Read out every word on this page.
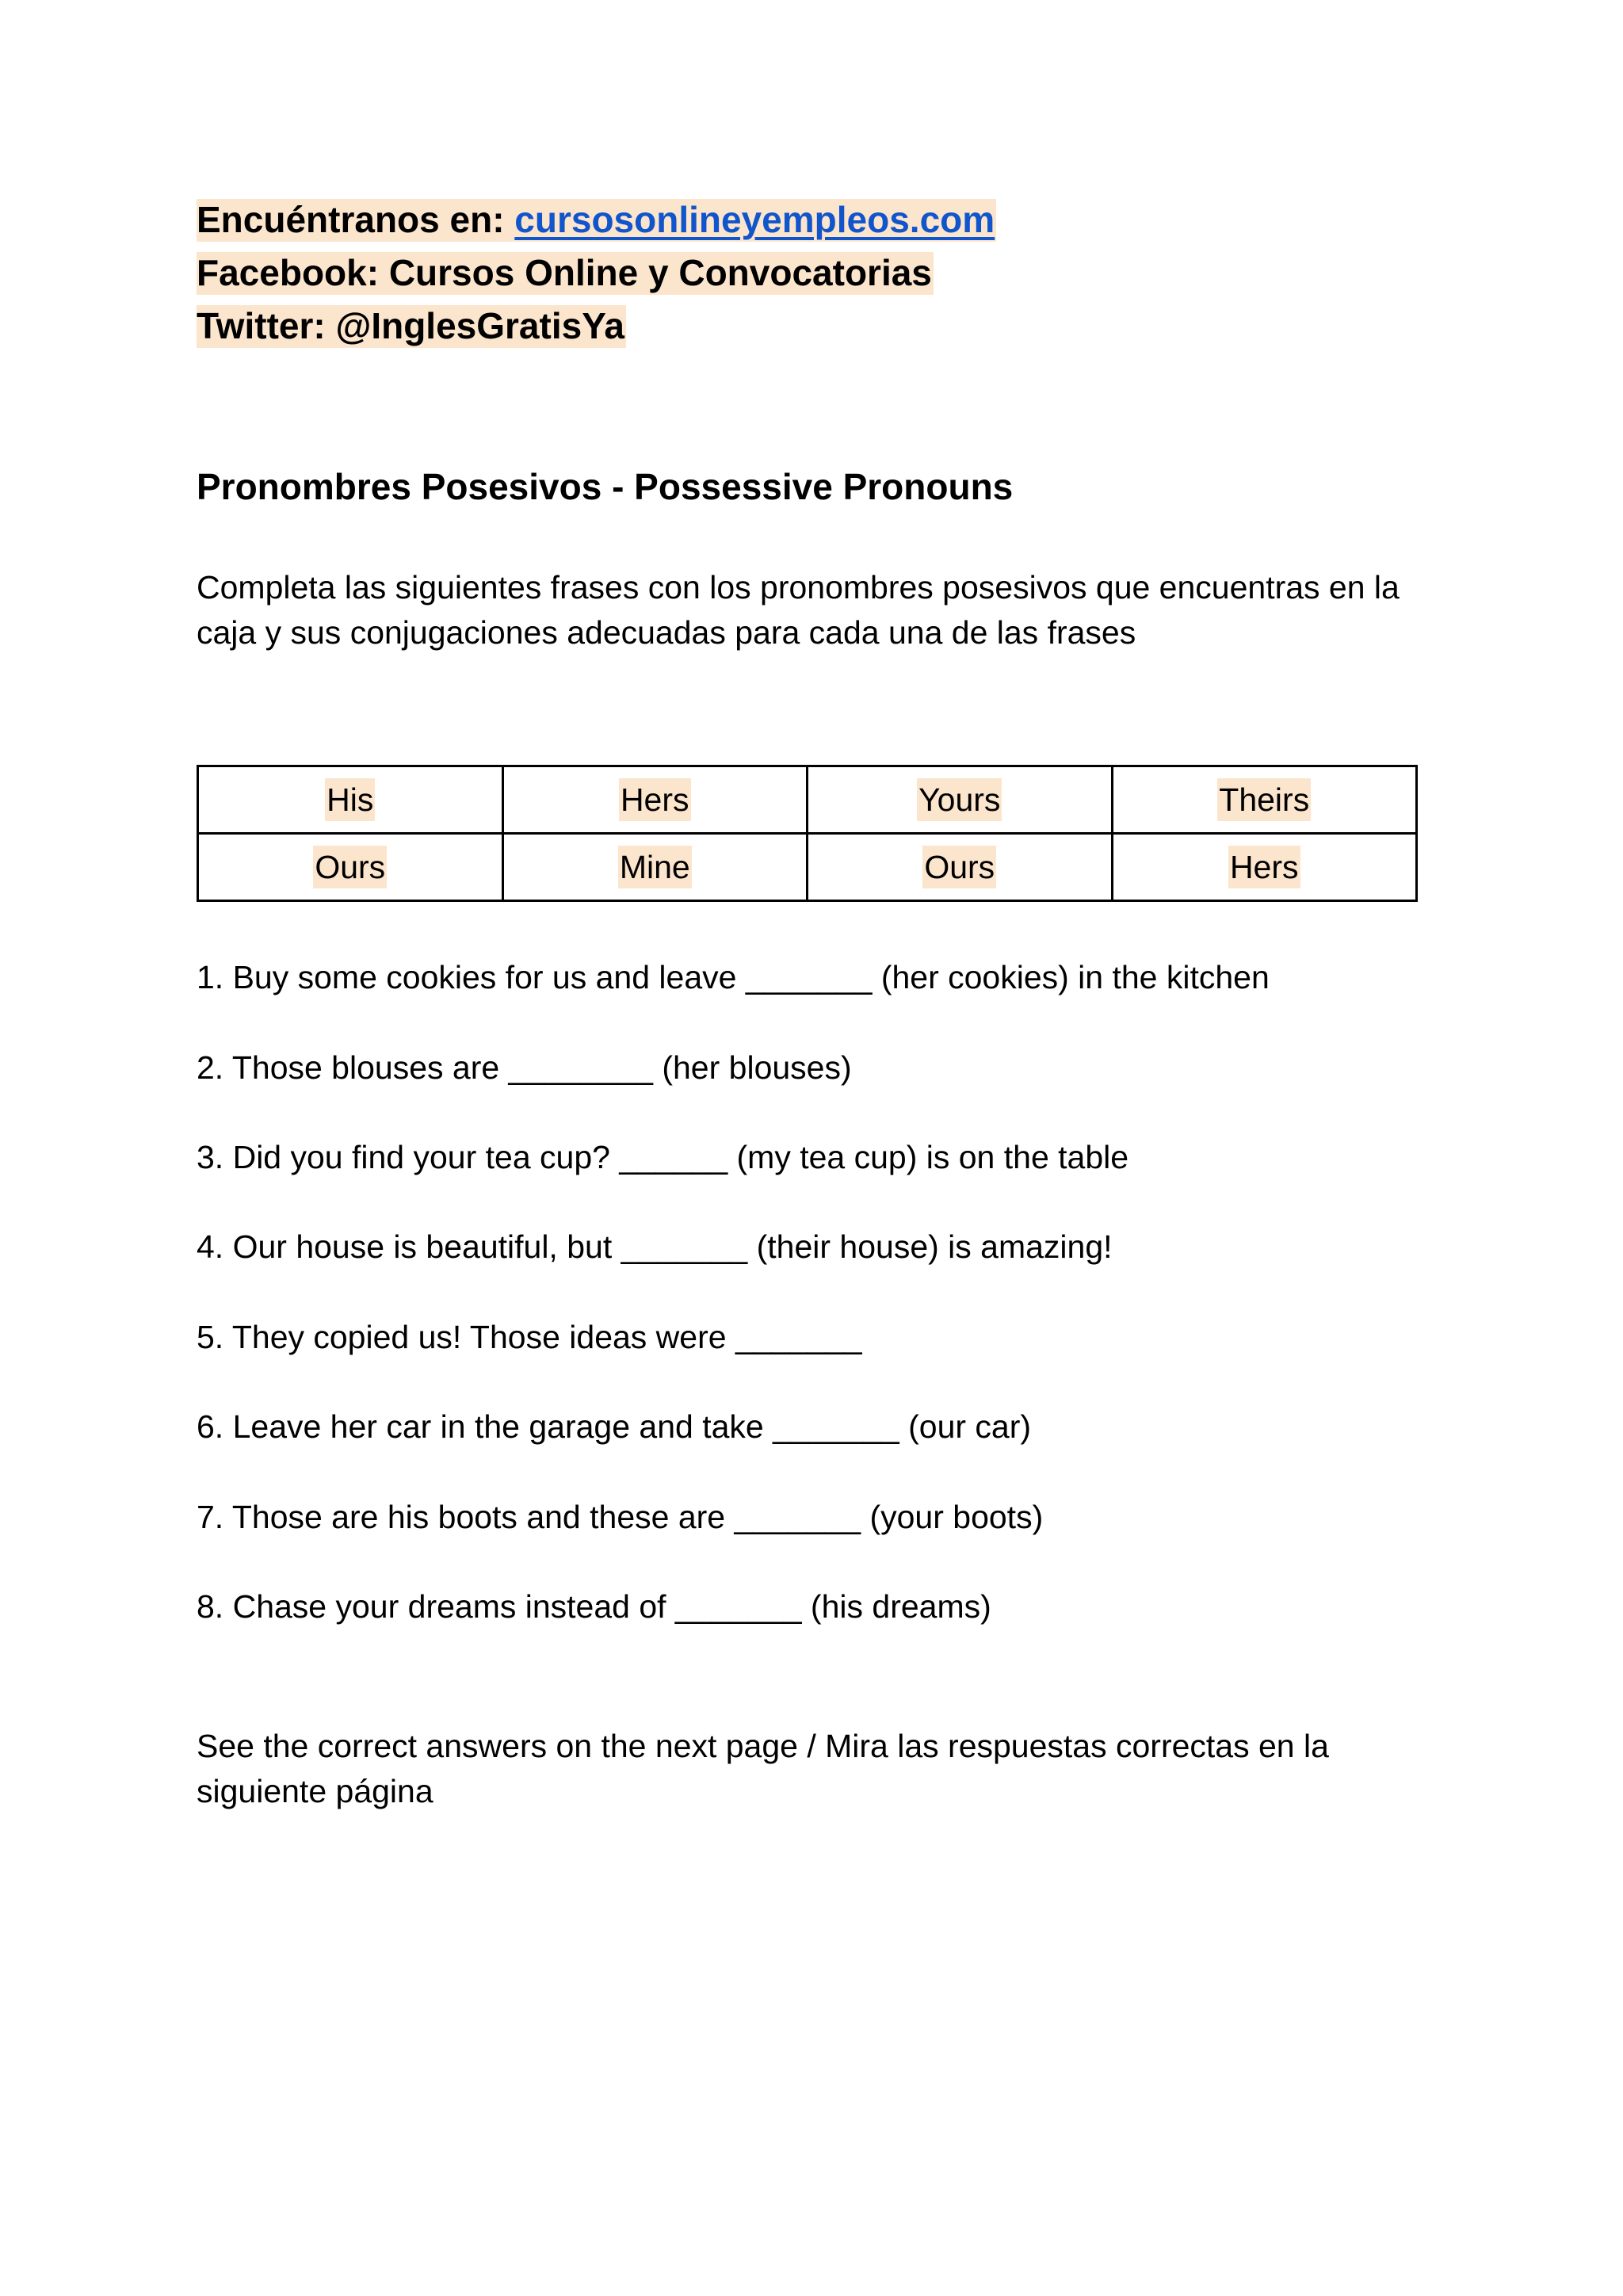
Encuéntranos en: cursosonlineyempleos.com
Facebook: Cursos Online y Convocatorias
Twitter: @InglesGratisYa
Pronombres Posesivos - Possessive Pronouns
Completa las siguientes frases con los pronombres posesivos que encuentras en la caja y sus conjugaciones adecuadas para cada una de las frases
His	Hers	Yours	Theirs
Ours	Mine	Ours	Hers
1. Buy some cookies for us and leave _______ (her cookies) in the kitchen
2. Those blouses are ________ (her blouses)
3. Did you find your tea cup? ______ (my tea cup) is on the table
4. Our house is beautiful, but _______ (their house) is amazing!
5. They copied us! Those ideas were _______
6. Leave her car in the garage and take _______ (our car)
7. Those are his boots and these are _______ (your boots)
8. Chase your dreams instead of _______ (his dreams)
See the correct answers on the next page / Mira las respuestas correctas en la siguiente página
